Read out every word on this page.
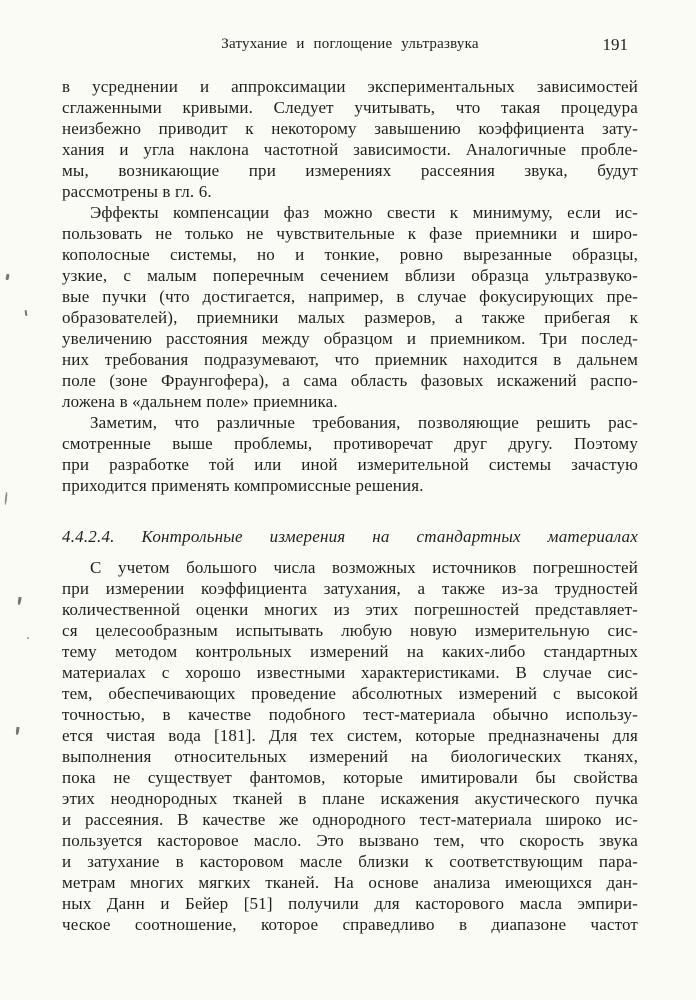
Затухание и поглощение ультразвука	191

в усреднении и аппроксимации экспериментальных зависимостей
сглаженными кривыми. Следует учитывать, что такая процедура
неизбежно приводит к некоторому завышению коэффициента зату-
хания и угла наклона частотной зависимости. Аналогичные пробле-
мы, возникающие при измерениях рассеяния звука, будут
рассмотрены в гл. 6.

Эффекты компенсации фаз можно свести к минимуму, если ис-
пользовать не только не чувствительные к фазе приемники и широ-
кополосные системы, но и тонкие, ровно вырезанные образцы,
узкие, с малым поперечным сечением вблизи образца ультразвуко-
вые пучки (что достигается, например, в случае фокусирующих пре-
образователей), приемники малых размеров, а также прибегая к
увеличению расстояния между образцом и приемником. Три послед-
них требования подразумевают, что приемник находится в дальнем
поле (зоне Фраунгофера), а сама область фазовых искажений распо-
ложена в «дальнем поле» приемника.

Заметим, что различные требования, позволяющие решить рас-
смотренные выше проблемы, противоречат друг другу. Поэтому
при разработке той или иной измерительной системы зачастую
приходится применять компромиссные решения.

4.4.2.4. Контрольные измерения на стандартных материалах

С учетом большого числа возможных источников погрешностей
при измерении коэффициента затухания, а также из-за трудностей
количественной оценки многих из этих погрешностей представляет-
ся целесообразным испытывать любую новую измерительную сис-
тему методом контрольных измерений на каких-либо стандартных
материалах с хорошо известными характеристиками. В случае сис-
тем, обеспечивающих проведение абсолютных измерений с высокой
точностью, в качестве подобного тест-материала обычно использу-
ется чистая вода [181]. Для тех систем, которые предназначены для
выполнения относительных измерений на биологических тканях,
пока не существует фантомов, которые имитировали бы свойства
этих неоднородных тканей в плане искажения акустического пучка
и рассеяния. В качестве же однородного тест-материала широко ис-
пользуется касторовое масло. Это вызвано тем, что скорость звука
и затухание в касторовом масле близки к соответствующим пара-
метрам многих мягких тканей. На основе анализа имеющихся дан-
ных Данн и Бейер [51] получили для касторового масла эмпири-
ческое соотношение, которое справедливо в диапазоне частот
